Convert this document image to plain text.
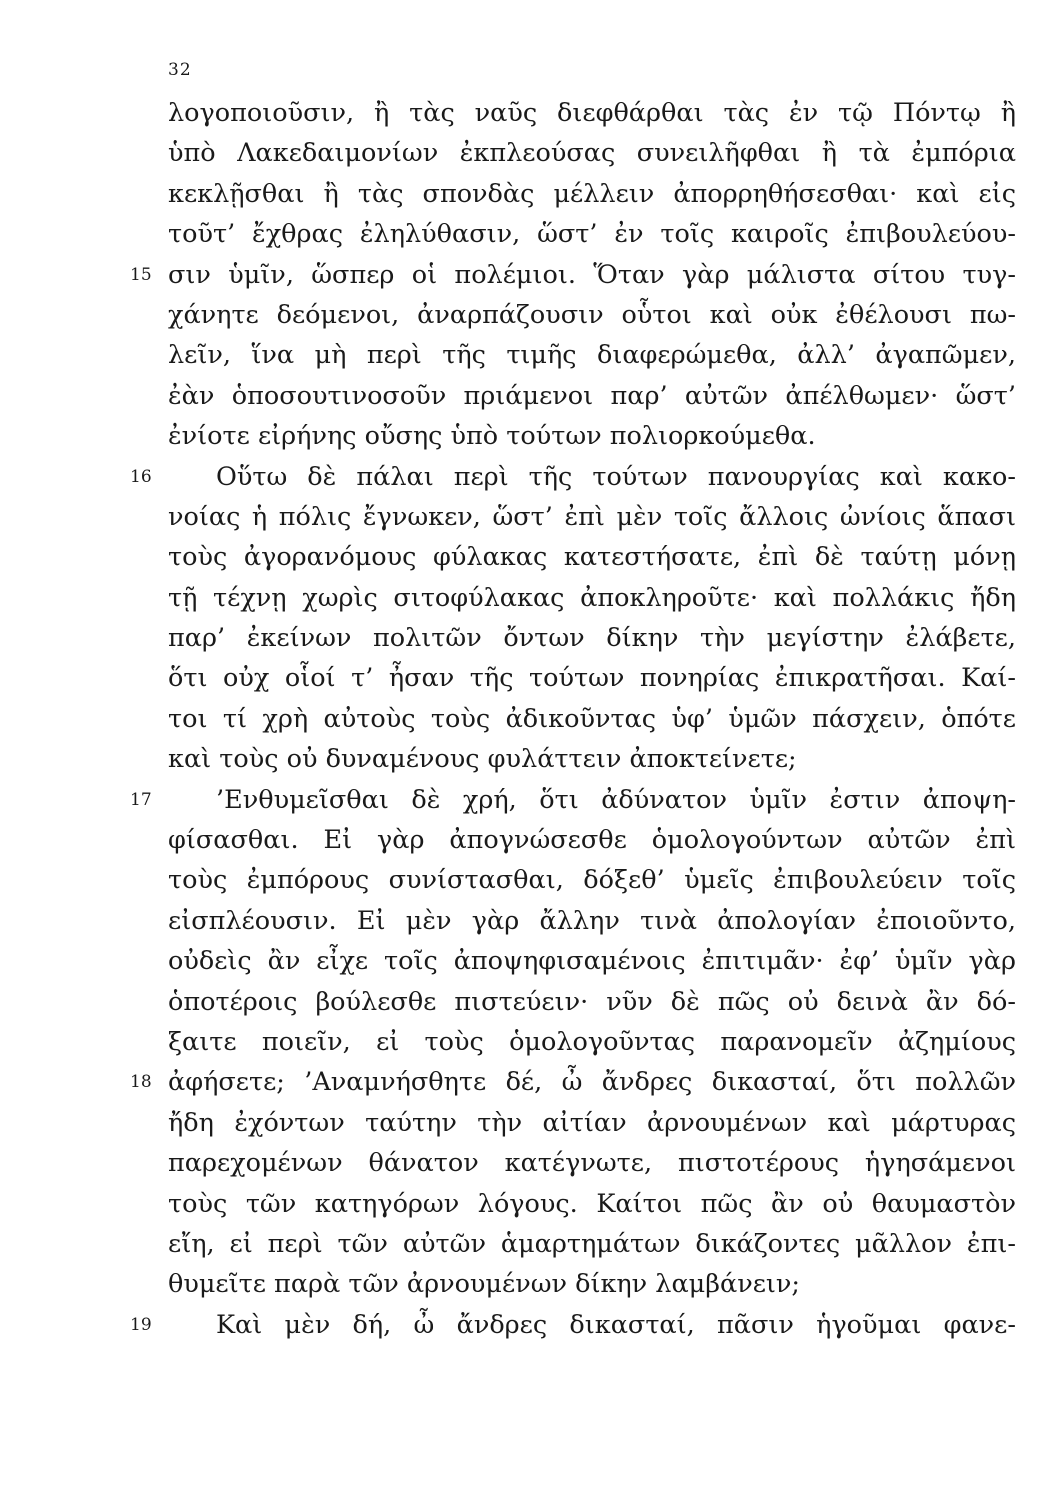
32
λογοποιοῦσιν, ἢ τὰς ναῦς διεφθάρθαι τὰς ἐν τῷ Πόντῳ ἢ
ὑπὸ Λακεδαιμονίων ἐκπλεούσας συνειλῆφθαι ἢ τὰ ἐμπόρια
κεκλῇσθαι ἢ τὰς σπονδὰς μέλλειν ἀπορρηθήσεσθαι· καὶ εἰς
τοῦτ’ ἔχθρας ἐληλύθασιν, ὥστ’ ἐν τοῖς καιροῖς ἐπιβουλεύου-
15 σιν ὑμῖν, ὥσπερ οἱ πολέμιοι. Ὅταν γὰρ μάλιστα σίτου τυγ-
χάνητε δεόμενοι, ἀναρπάζουσιν οὗτοι καὶ οὐκ ἐθέλουσι πω-
λεῖν, ἵνα μὴ περὶ τῆς τιμῆς διαφερώμεθα, ἀλλ’ ἀγαπῶμεν,
ἐὰν ὁποσουτινοσοῦν πριάμενοι παρ’ αὐτῶν ἀπέλθωμεν· ὥστ’
ἐνίοτε εἰρήνης οὔσης ὑπὸ τούτων πολιορκούμεθα.
16	Οὕτω δὲ πάλαι περὶ τῆς τούτων πανουργίας καὶ κακο-
νοίας ἡ πόλις ἔγνωκεν, ὥστ’ ἐπὶ μὲν τοῖς ἄλλοις ὠνίοις ἅπασι
τοὺς ἀγορανόμους φύλακας κατεστήσατε, ἐπὶ δὲ ταύτῃ μόνῃ
τῇ τέχνῃ χωρὶς σιτοφύλακας ἀποκληροῦτε· καὶ πολλάκις ἤδη
παρ’ ἐκείνων πολιτῶν ὄντων δίκην τὴν μεγίστην ἐλάβετε,
ὅτι οὐχ οἷοί τ’ ἦσαν τῆς τούτων πονηρίας ἐπικρατῆσαι. Καί-
τοι τί χρὴ αὐτοὺς τοὺς ἀδικοῦντας ὑφ’ ὑμῶν πάσχειν, ὁπότε
καὶ τοὺς οὐ δυναμένους φυλάττειν ἀποκτείνετε;
17	’Ενθυμεῖσθαι δὲ χρή, ὅτι ἀδύνατον ὑμῖν ἐστιν ἀποψη-
φίσασθαι. Εἰ γὰρ ἀπογνώσεσθε ὁμολογούντων αὐτῶν ἐπὶ
τοὺς ἐμπόρους συνίστασθαι, δόξεθ’ ὑμεῖς ἐπιβουλεύειν τοῖς
εἰσπλέουσιν. Εἰ μὲν γὰρ ἄλλην τινὰ ἀπολογίαν ἐποιοῦντο,
οὐδεὶς ἂν εἶχε τοῖς ἀποψηφισαμένοις ἐπιτιμᾶν· ἐφ’ ὑμῖν γὰρ
ὁποτέροις βούλεσθε πιστεύειν· νῦν δὲ πῶς οὐ δεινὰ ἂν δό-
ξαιτε ποιεῖν, εἰ τοὺς ὁμολογοῦντας παρανομεῖν ἀζημίους
18 ἀφήσετε; ’Αναμνήσθητε δέ, ὦ ἄνδρες δικασταί, ὅτι πολλῶν
ἤδη ἐχόντων ταύτην τὴν αἰτίαν ἀρνουμένων καὶ μάρτυρας
παρεχομένων θάνατον κατέγνωτε, πιστοτέρους ἡγησάμενοι
τοὺς τῶν κατηγόρων λόγους. Καίτοι πῶς ἂν οὐ θαυμαστὸν
εἴη, εἰ περὶ τῶν αὐτῶν ἁμαρτημάτων δικάζοντες μᾶλλον ἐπι-
θυμεῖτε παρὰ τῶν ἀρνουμένων δίκην λαμβάνειν;
19	Καὶ μὲν δή, ὦ ἄνδρες δικασταί, πᾶσιν ἡγοῦμαι φανε-
